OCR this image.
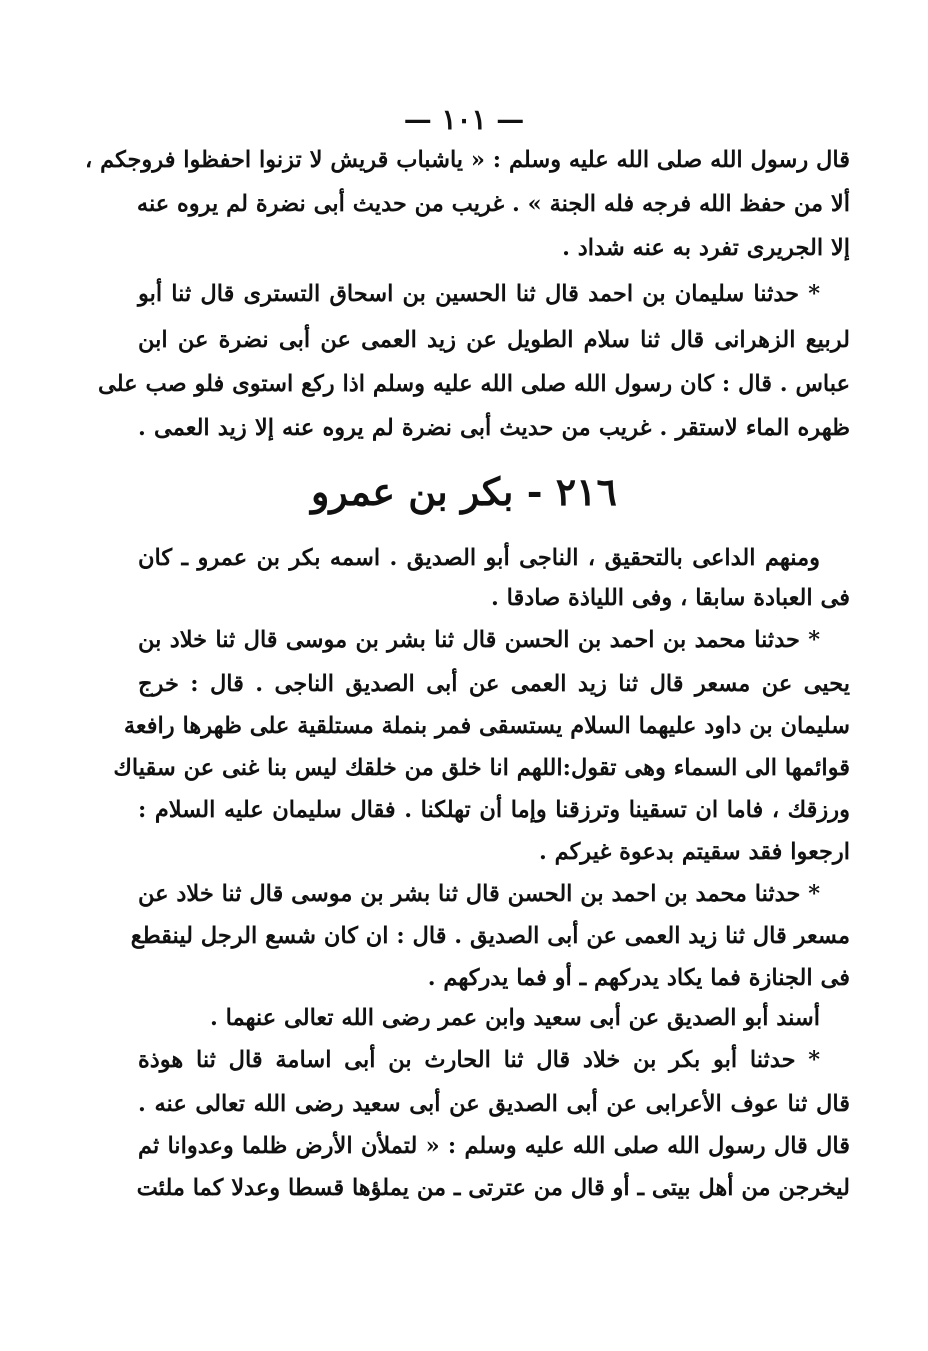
— ١٠١ —
قال رسول الله صلى الله عليه وسلم : « ياشباب قريش لا تزنوا احفظوا فروجكم ،
ألا من حفظ الله فرجه فله الجنة » . غريب من حديث أبى نضرة لم يروه عنه
إلا الجريرى تفرد به عنه شداد .
* حدثنا سليمان بن احمد قال ثنا الحسين بن اسحاق التسترى قال ثنا أبو
لربيع الزهرانى قال ثنا سلام الطويل عن زيد العمى عن أبى نضرة عن ابن
عباس . قال : كان رسول الله صلى الله عليه وسلم اذا ركع استوى فلو صب على
ظهره الماء لاستقر . غريب من حديث أبى نضرة لم يروه عنه إلا زيد العمى .
٢١٦ - بكر بن عمرو
ومنهم الداعى بالتحقيق ، الناجى أبو الصديق . اسمه بكر بن عمرو ـ كان
فى العبادة سابقا ، وفى اللياذة صادقا .
* حدثنا محمد بن احمد بن الحسن قال ثنا بشر بن موسى قال ثنا خلاد بن
يحيى عن مسعر قال ثنا زيد العمى عن أبى الصديق الناجى . قال : خرج
سليمان بن داود عليهما السلام يستسقى فمر بنملة مستلقية على ظهرها رافعة
قوائمها الى السماء وهى تقول:اللهم انا خلق من خلقك ليس بنا غنى عن سقياك
ورزقك ، فاما ان تسقينا وترزقنا وإما أن تهلكنا . فقال سليمان عليه السلام :
ارجعوا فقد سقيتم بدعوة غيركم .
* حدثنا محمد بن احمد بن الحسن قال ثنا بشر بن موسى قال ثنا خلاد عن
مسعر قال ثنا زيد العمى عن أبى الصديق . قال : ان كان شسع الرجل لينقطع
فى الجنازة فما يكاد يدركهم ـ أو فما يدركهم .
أسند أبو الصديق عن أبى سعيد وابن عمر رضى الله تعالى عنهما .
* حدثنا أبو بكر بن خلاد قال ثنا الحارث بن أبى اسامة قال ثنا هوذة
قال ثنا عوف الأعرابى عن أبى الصديق عن أبى سعيد رضى الله تعالى عنه .
قال قال رسول الله صلى الله عليه وسلم : « لتملأن الأرض ظلما وعدوانا ثم
ليخرجن من أهل بيتى ـ أو قال من عترتى ـ من يملؤها قسطا وعدلا كما ملئت
